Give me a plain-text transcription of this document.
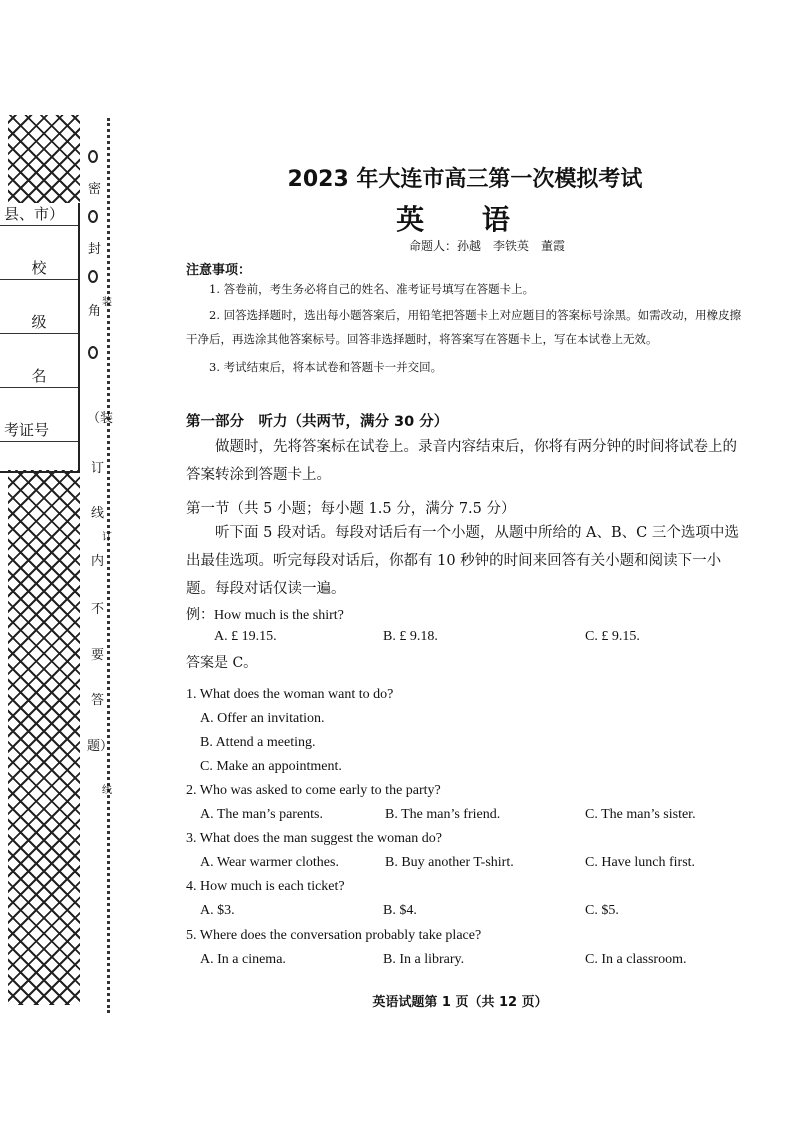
县、市）
校
级
名
考证号
密
封
角
（装
订
线
内
不
要
答
题）
装
订
线
2023 年大连市高三第一次模拟考试
英 语
命题人：孙越　李铁英　董霞
注意事项：
1. 答卷前，考生务必将自己的姓名、准考证号填写在答题卡上。
2. 回答选择题时，选出每小题答案后，用铅笔把答题卡上对应题目的答案标号涂黑。如需改动，用橡皮擦干净后，再选涂其他答案标号。回答非选择题时，将答案写在答题卡上，写在本试卷上无效。
3. 考试结束后，将本试卷和答题卡一并交回。
第一部分　听力（共两节，满分 30 分）
做题时，先将答案标在试卷上。录音内容结束后，你将有两分钟的时间将试卷上的答案转涂到答题卡上。
第一节（共 5 小题；每小题 1.5 分，满分 7.5 分）
听下面 5 段对话。每段对话后有一个小题，从题中所给的 A、B、C 三个选项中选出最佳选项。听完每段对话后，你都有 10 秒钟的时间来回答有关小题和阅读下一小题。每段对话仅读一遍。
例：How much is the shirt?
A. £ 19.15.	B. £ 9.18.	C. £ 9.15.
答案是 C。
1. What does the woman want to do?
A. Offer an invitation.
B. Attend a meeting.
C. Make an appointment.
2. Who was asked to come early to the party?
A. The man’s parents.	B. The man’s friend.	C. The man’s sister.
3. What does the man suggest the woman do?
A. Wear warmer clothes.	B. Buy another T-shirt.	C. Have lunch first.
4. How much is each ticket?
A. $3.	B. $4.	C. $5.
5. Where does the conversation probably take place?
A. In a cinema.	B. In a library.	C. In a classroom.
英语试题第 1 页（共 12 页）
